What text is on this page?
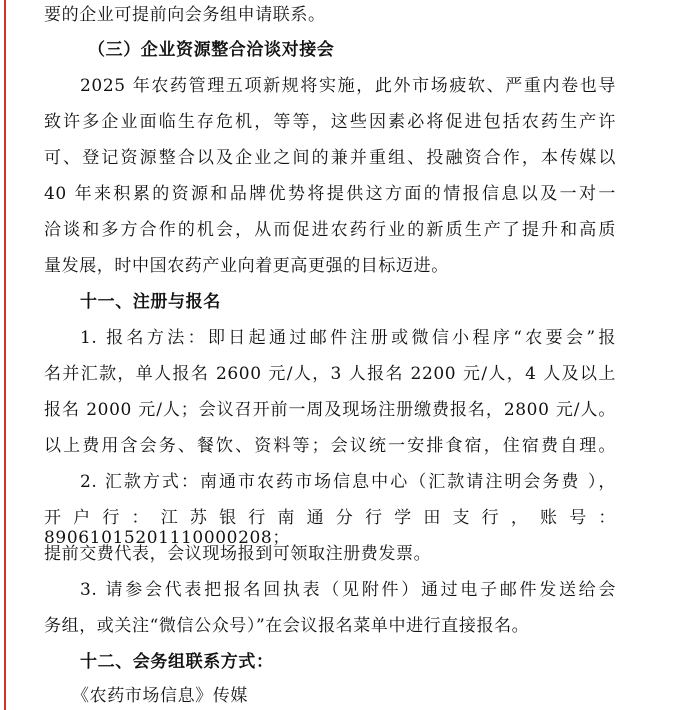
要的企业可提前向会务组申请联系。
（三）企业资源整合洽谈对接会
2025 年农药管理五项新规将实施，此外市场疲软、严重内卷也导
致许多企业面临生存危机，等等，这些因素必将促进包括农药生产许
可、登记资源整合以及企业之间的兼并重组、投融资合作，本传媒以
40 年来积累的资源和品牌优势将提供这方面的情报信息以及一对一
洽谈和多方合作的机会，从而促进农药行业的新质生产了提升和高质
量发展，时中国农药产业向着更高更强的目标迈进。
十一、注册与报名
1. 报名方法：即日起通过邮件注册或微信小程序“农要会”报
名并汇款，单人报名 2600 元/人，3 人报名 2200 元/人，4 人及以上
报名 2000 元/人；会议召开前一周及现场注册缴费报名，2800 元/人。
以上费用含会务、餐饮、资料等；会议统一安排食宿，住宿费自理。
2. 汇款方式：南通市农药市场信息中心（汇款请注明会务费 ），
开户行：江苏银行南通分行学田支行，账号：89061015201110000208；
提前交费代表，会议现场报到可领取注册费发票。
3. 请参会代表把报名回执表（见附件）通过电子邮件发送给会
务组，或关注“微信公众号）”在会议报名菜单中进行直接报名。
十二、会务组联系方式：
《农药市场信息》传媒
